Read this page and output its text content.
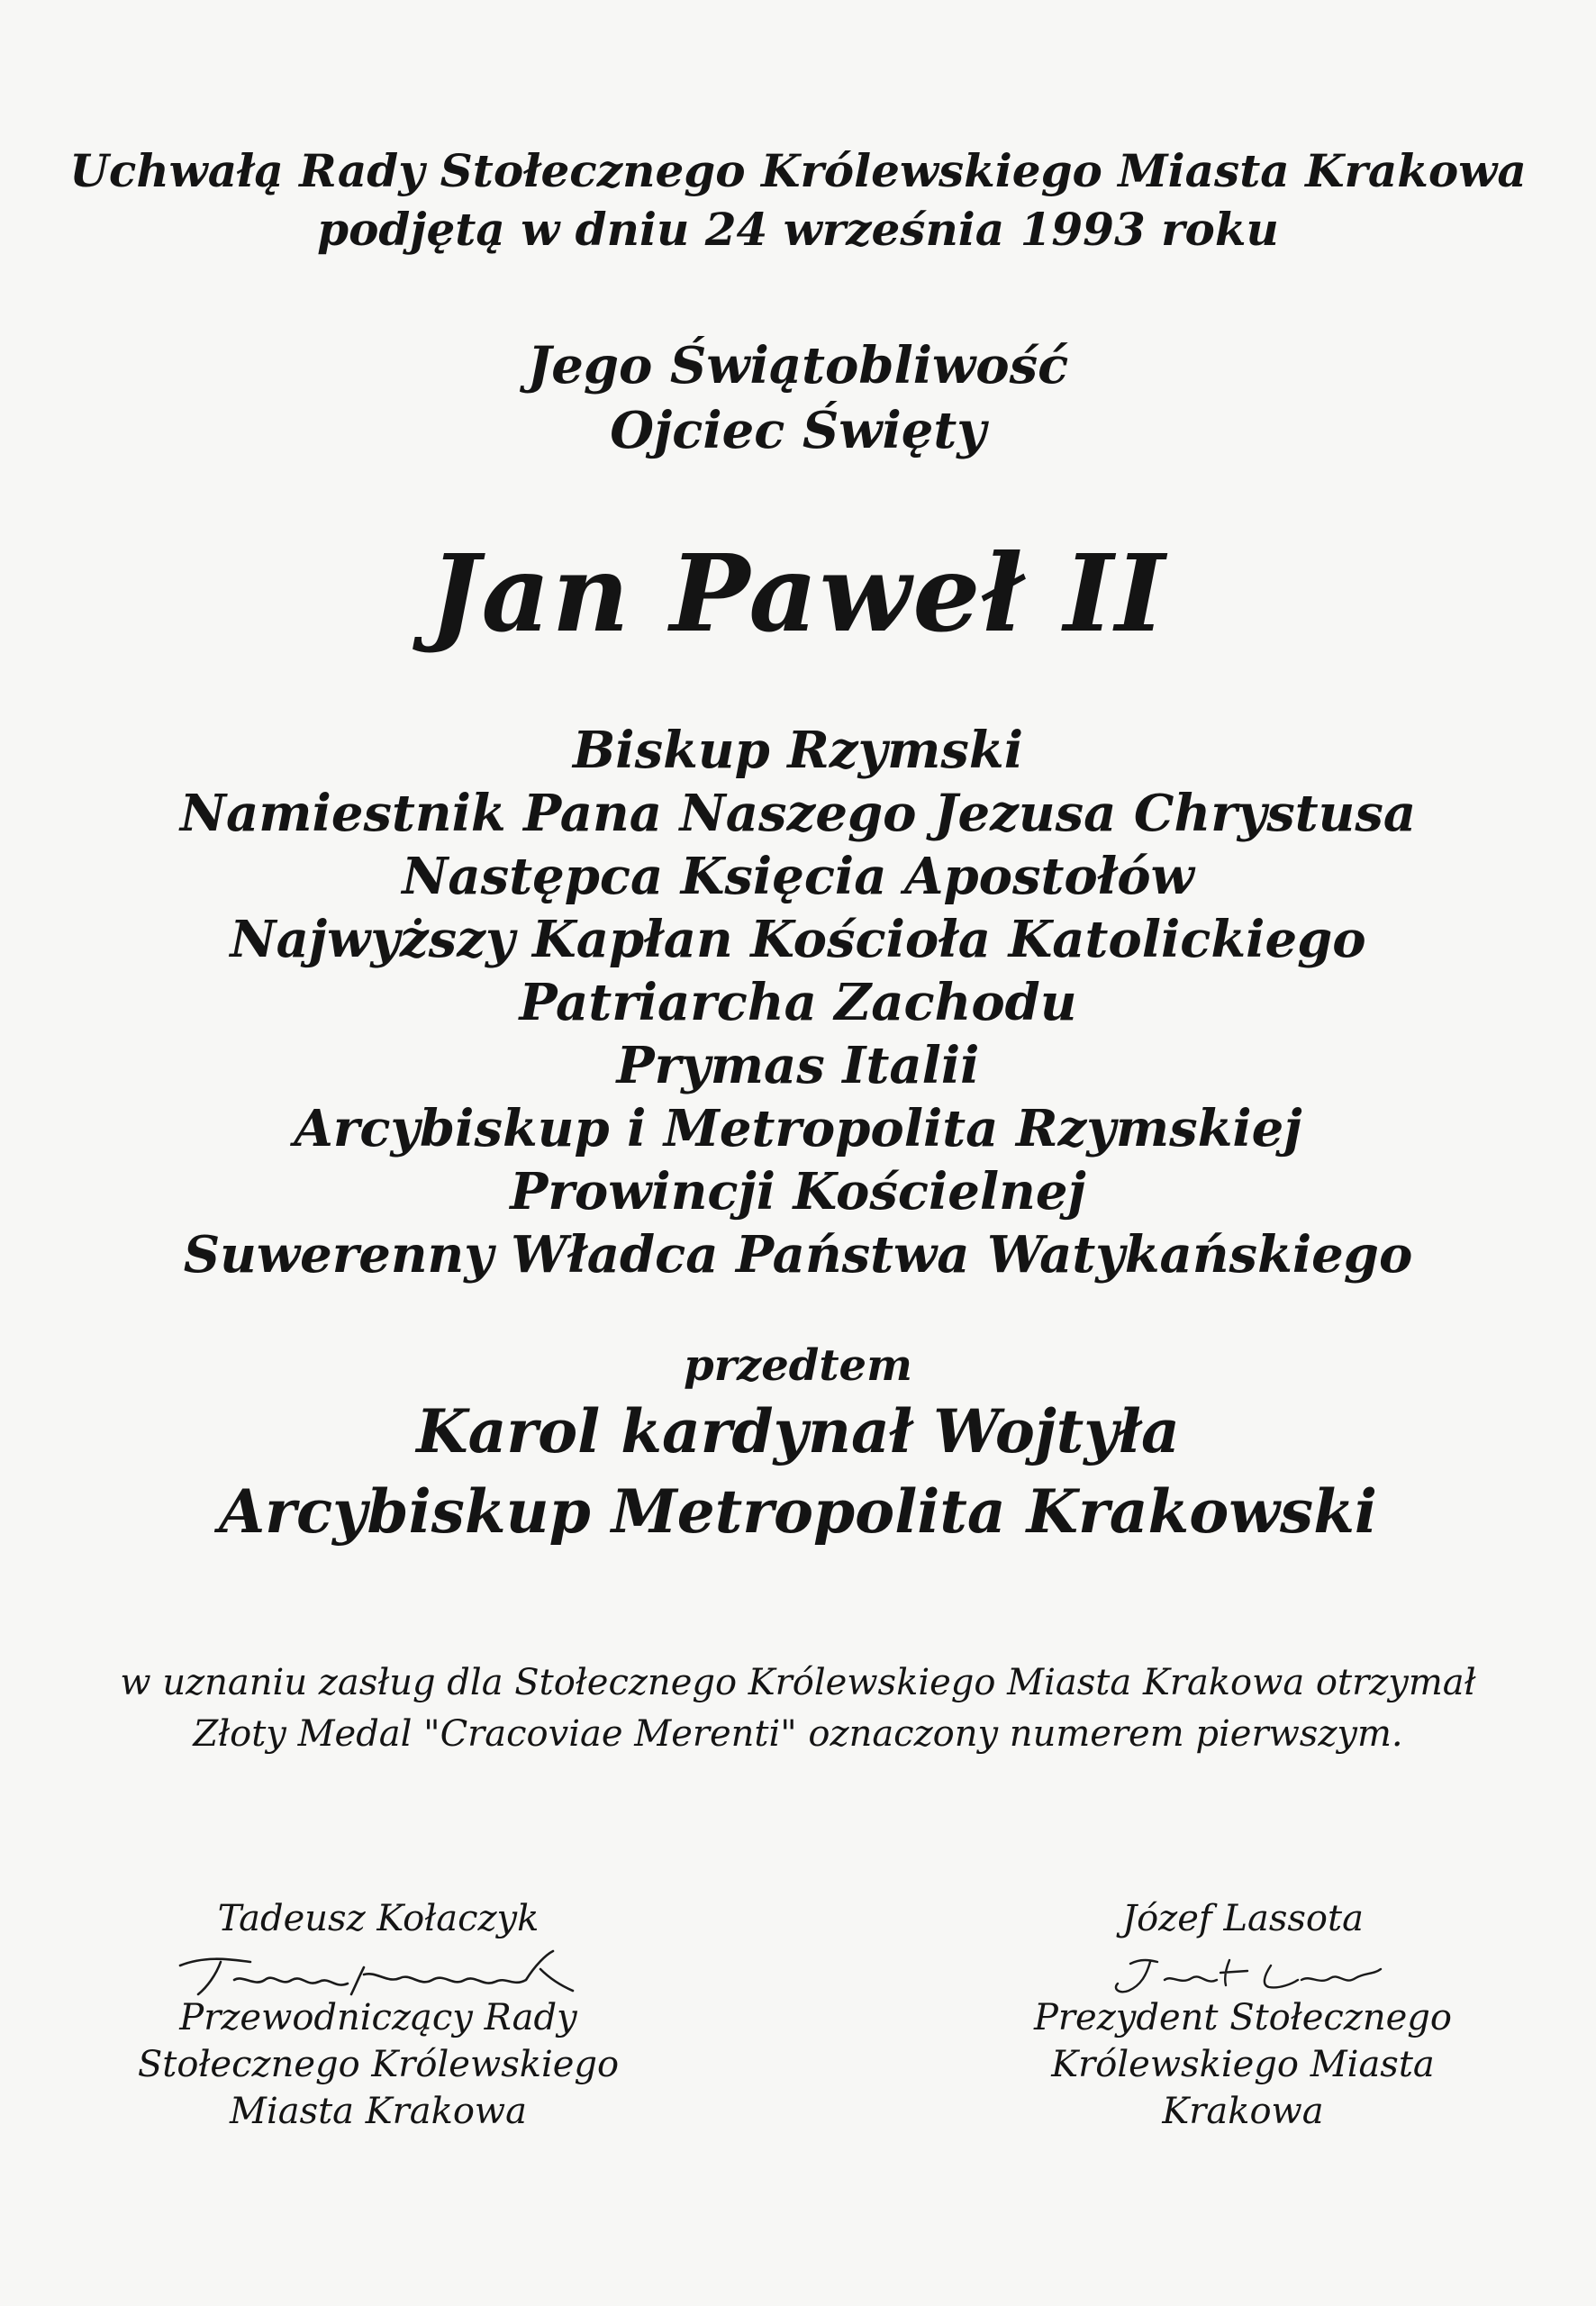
Uchwałą Rady Stołecznego Królewskiego Miasta Krakowa
podjętą w dniu 24 września 1993 roku
Jego Świątobliwość
Ojciec Święty
Jan Paweł II
Biskup Rzymski
Namiestnik Pana Naszego Jezusa Chrystusa
Następca Księcia Apostołów
Najwyższy Kapłan Kościoła Katolickiego
Patriarcha Zachodu
Prymas Italii
Arcybiskup i Metropolita Rzymskiej
Prowincji Kościelnej
Suwerenny Władca Państwa Watykańskiego
przedtem
Karol kardynał Wojtyła
Arcybiskup Metropolita Krakowski
w uznaniu zasług dla Stołecznego Królewskiego Miasta Krakowa otrzymał
Złoty Medal "Cracoviae Merenti" oznaczony numerem pierwszym.
Tadeusz Kołaczyk
Przewodniczący Rady
Stołecznego Królewskiego
Miasta Krakowa
Józef Lassota
Prezydent Stołecznego
Królewskiego Miasta
Krakowa
